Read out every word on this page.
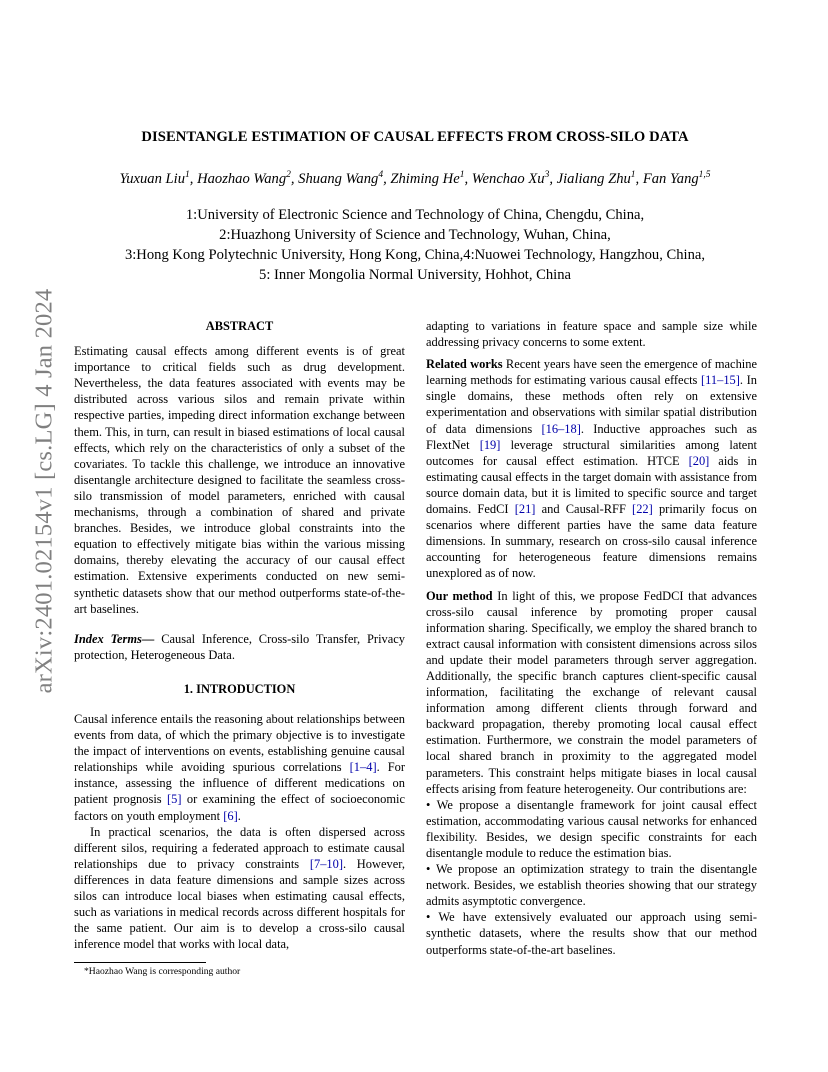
arXiv:2401.02154v1 [cs.LG] 4 Jan 2024
DISENTANGLE ESTIMATION OF CAUSAL EFFECTS FROM CROSS-SILO DATA
Yuxuan Liu$^1$, Haozhao Wang$^2$, Shuang Wang$^4$, Zhiming He$^1$, Wenchao Xu$^3$, Jialiang Zhu$^1$, Fan Yang$^{1,5}$
1:University of Electronic Science and Technology of China, Chengdu, China,
2:Huazhong University of Science and Technology, Wuhan, China,
3:Hong Kong Polytechnic University, Hong Kong, China,4:Nuowei Technology, Hangzhou, China,
5: Inner Mongolia Normal University, Hohhot, China

ABSTRACT

Estimating causal effects among different events is of great importance to critical fields such as drug development. Nevertheless, the data features associated with events may be distributed across various silos and remain private within respective parties, impeding direct information exchange between them. This, in turn, can result in biased estimations of local causal effects, which rely on the characteristics of only a subset of the covariates. To tackle this challenge, we introduce an innovative disentangle architecture designed to facilitate the seamless cross-silo transmission of model parameters, enriched with causal mechanisms, through a combination of shared and private branches. Besides, we introduce global constraints into the equation to effectively mitigate bias within the various missing domains, thereby elevating the accuracy of our causal effect estimation. Extensive experiments conducted on new semi-synthetic datasets show that our method outperforms state-of-the-art baselines.

Index Terms— Causal Inference, Cross-silo Transfer, Privacy protection, Heterogeneous Data.

1. INTRODUCTION

Causal inference entails the reasoning about relationships between events from data, of which the primary objective is to investigate the impact of interventions on events, establishing genuine causal relationships while avoiding spurious correlations [1–4]. For instance, assessing the influence of different medications on patient prognosis [5] or examining the effect of socioeconomic factors on youth employment [6].

In practical scenarios, the data is often dispersed across different silos, requiring a federated approach to estimate causal relationships due to privacy constraints [7–10]. However, differences in data feature dimensions and sample sizes across silos can introduce local biases when estimating causal effects, such as variations in medical records across different hospitals for the same patient. Our aim is to develop a cross-silo causal inference model that works with local data,

adapting to variations in feature space and sample size while addressing privacy concerns to some extent.

Related works Recent years have seen the emergence of machine learning methods for estimating various causal effects [11–15]. In single domains, these methods often rely on extensive experimentation and observations with similar spatial distribution of data dimensions [16–18]. Inductive approaches such as FlextNet [19] leverage structural similarities among latent outcomes for causal effect estimation. HTCE [20] aids in estimating causal effects in the target domain with assistance from source domain data, but it is limited to specific source and target domains. FedCI [21] and Causal-RFF [22] primarily focus on scenarios where different parties have the same data feature dimensions. In summary, research on cross-silo causal inference accounting for heterogeneous feature dimensions remains unexplored as of now.

Our method In light of this, we propose FedDCI that advances cross-silo causal inference by promoting proper causal information sharing. Specifically, we employ the shared branch to extract causal information with consistent dimensions across silos and update their model parameters through server aggregation. Additionally, the specific branch captures client-specific causal information, facilitating the exchange of relevant causal information among different clients through forward and backward propagation, thereby promoting local causal effect estimation. Furthermore, we constrain the model parameters of local shared branch in proximity to the aggregated model parameters. This constraint helps mitigate biases in local causal effects arising from feature heterogeneity. Our contributions are:

• We propose a disentangle framework for joint causal effect estimation, accommodating various causal networks for enhanced flexibility. Besides, we design specific constraints for each disentangle module to reduce the estimation bias.

• We propose an optimization strategy to train the disentangle network. Besides, we establish theories showing that our strategy admits asymptotic convergence.

• We have extensively evaluated our approach using semi-synthetic datasets, where the results show that our method outperforms state-of-the-art baselines.

*Haozhao Wang is corresponding author
